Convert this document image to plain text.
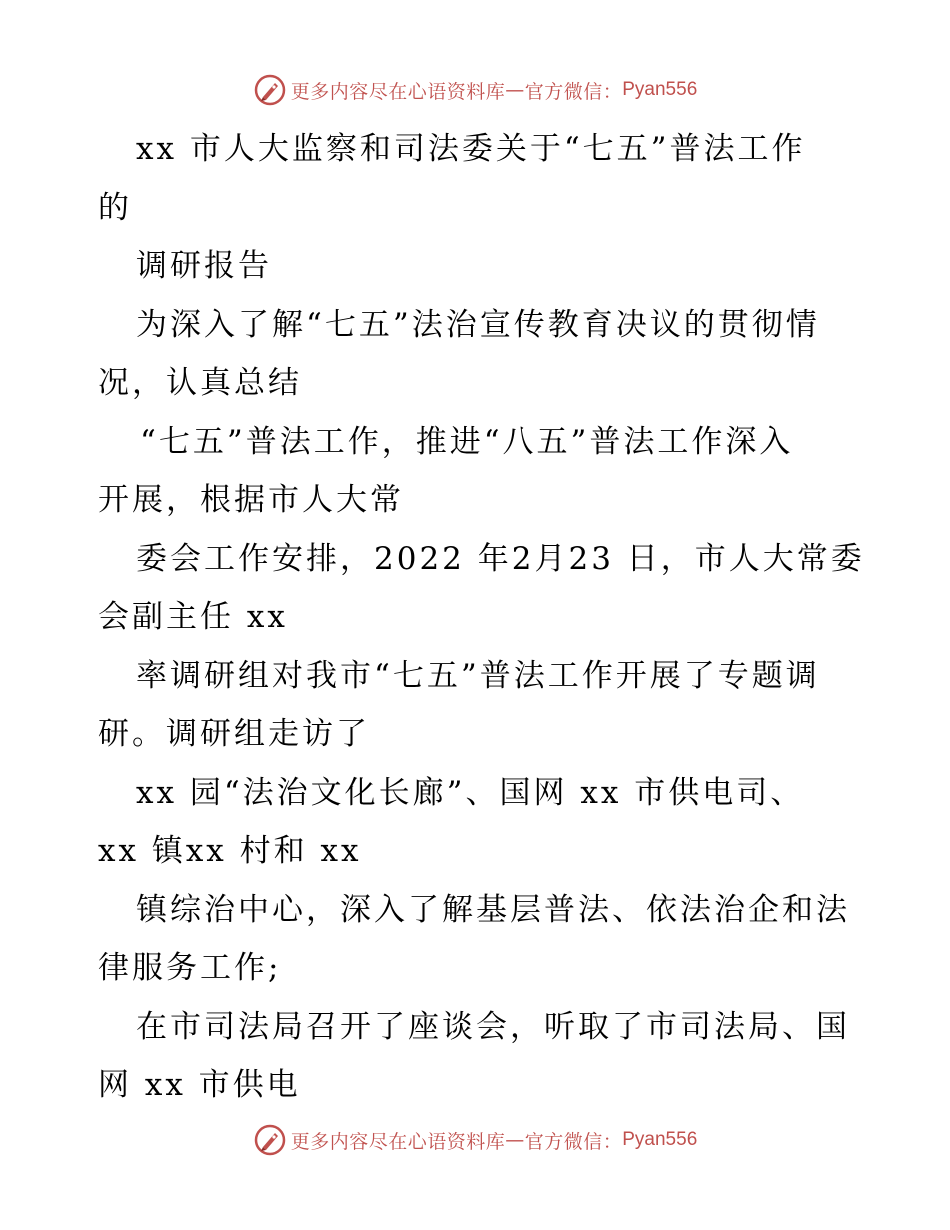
更多内容尽在心语资料库 — 官方微信： Pyan556
xx 市人大监察和司法委关于“七五”普法工作
的
调研报告
为深入了解“七五”法治宣传教育决议的贯彻情
况，认真总结
“七五”普法工作，推进“八五”普法工作深入
开展，根据市人大常
委会工作安排，2022 年2月23 日，市人大常委
会副主任 xx
率调研组对我市“七五”普法工作开展了专题调
研。调研组走访了
xx 园“法治文化长廊”、国网 xx 市供电司、
xx 镇xx 村和 xx
镇综治中心，深入了解基层普法、依法治企和法
律服务工作;
在市司法局召开了座谈会，听取了市司法局、国
网 xx 市供电
更多内容尽在心语资料库 — 官方微信： Pyan556
